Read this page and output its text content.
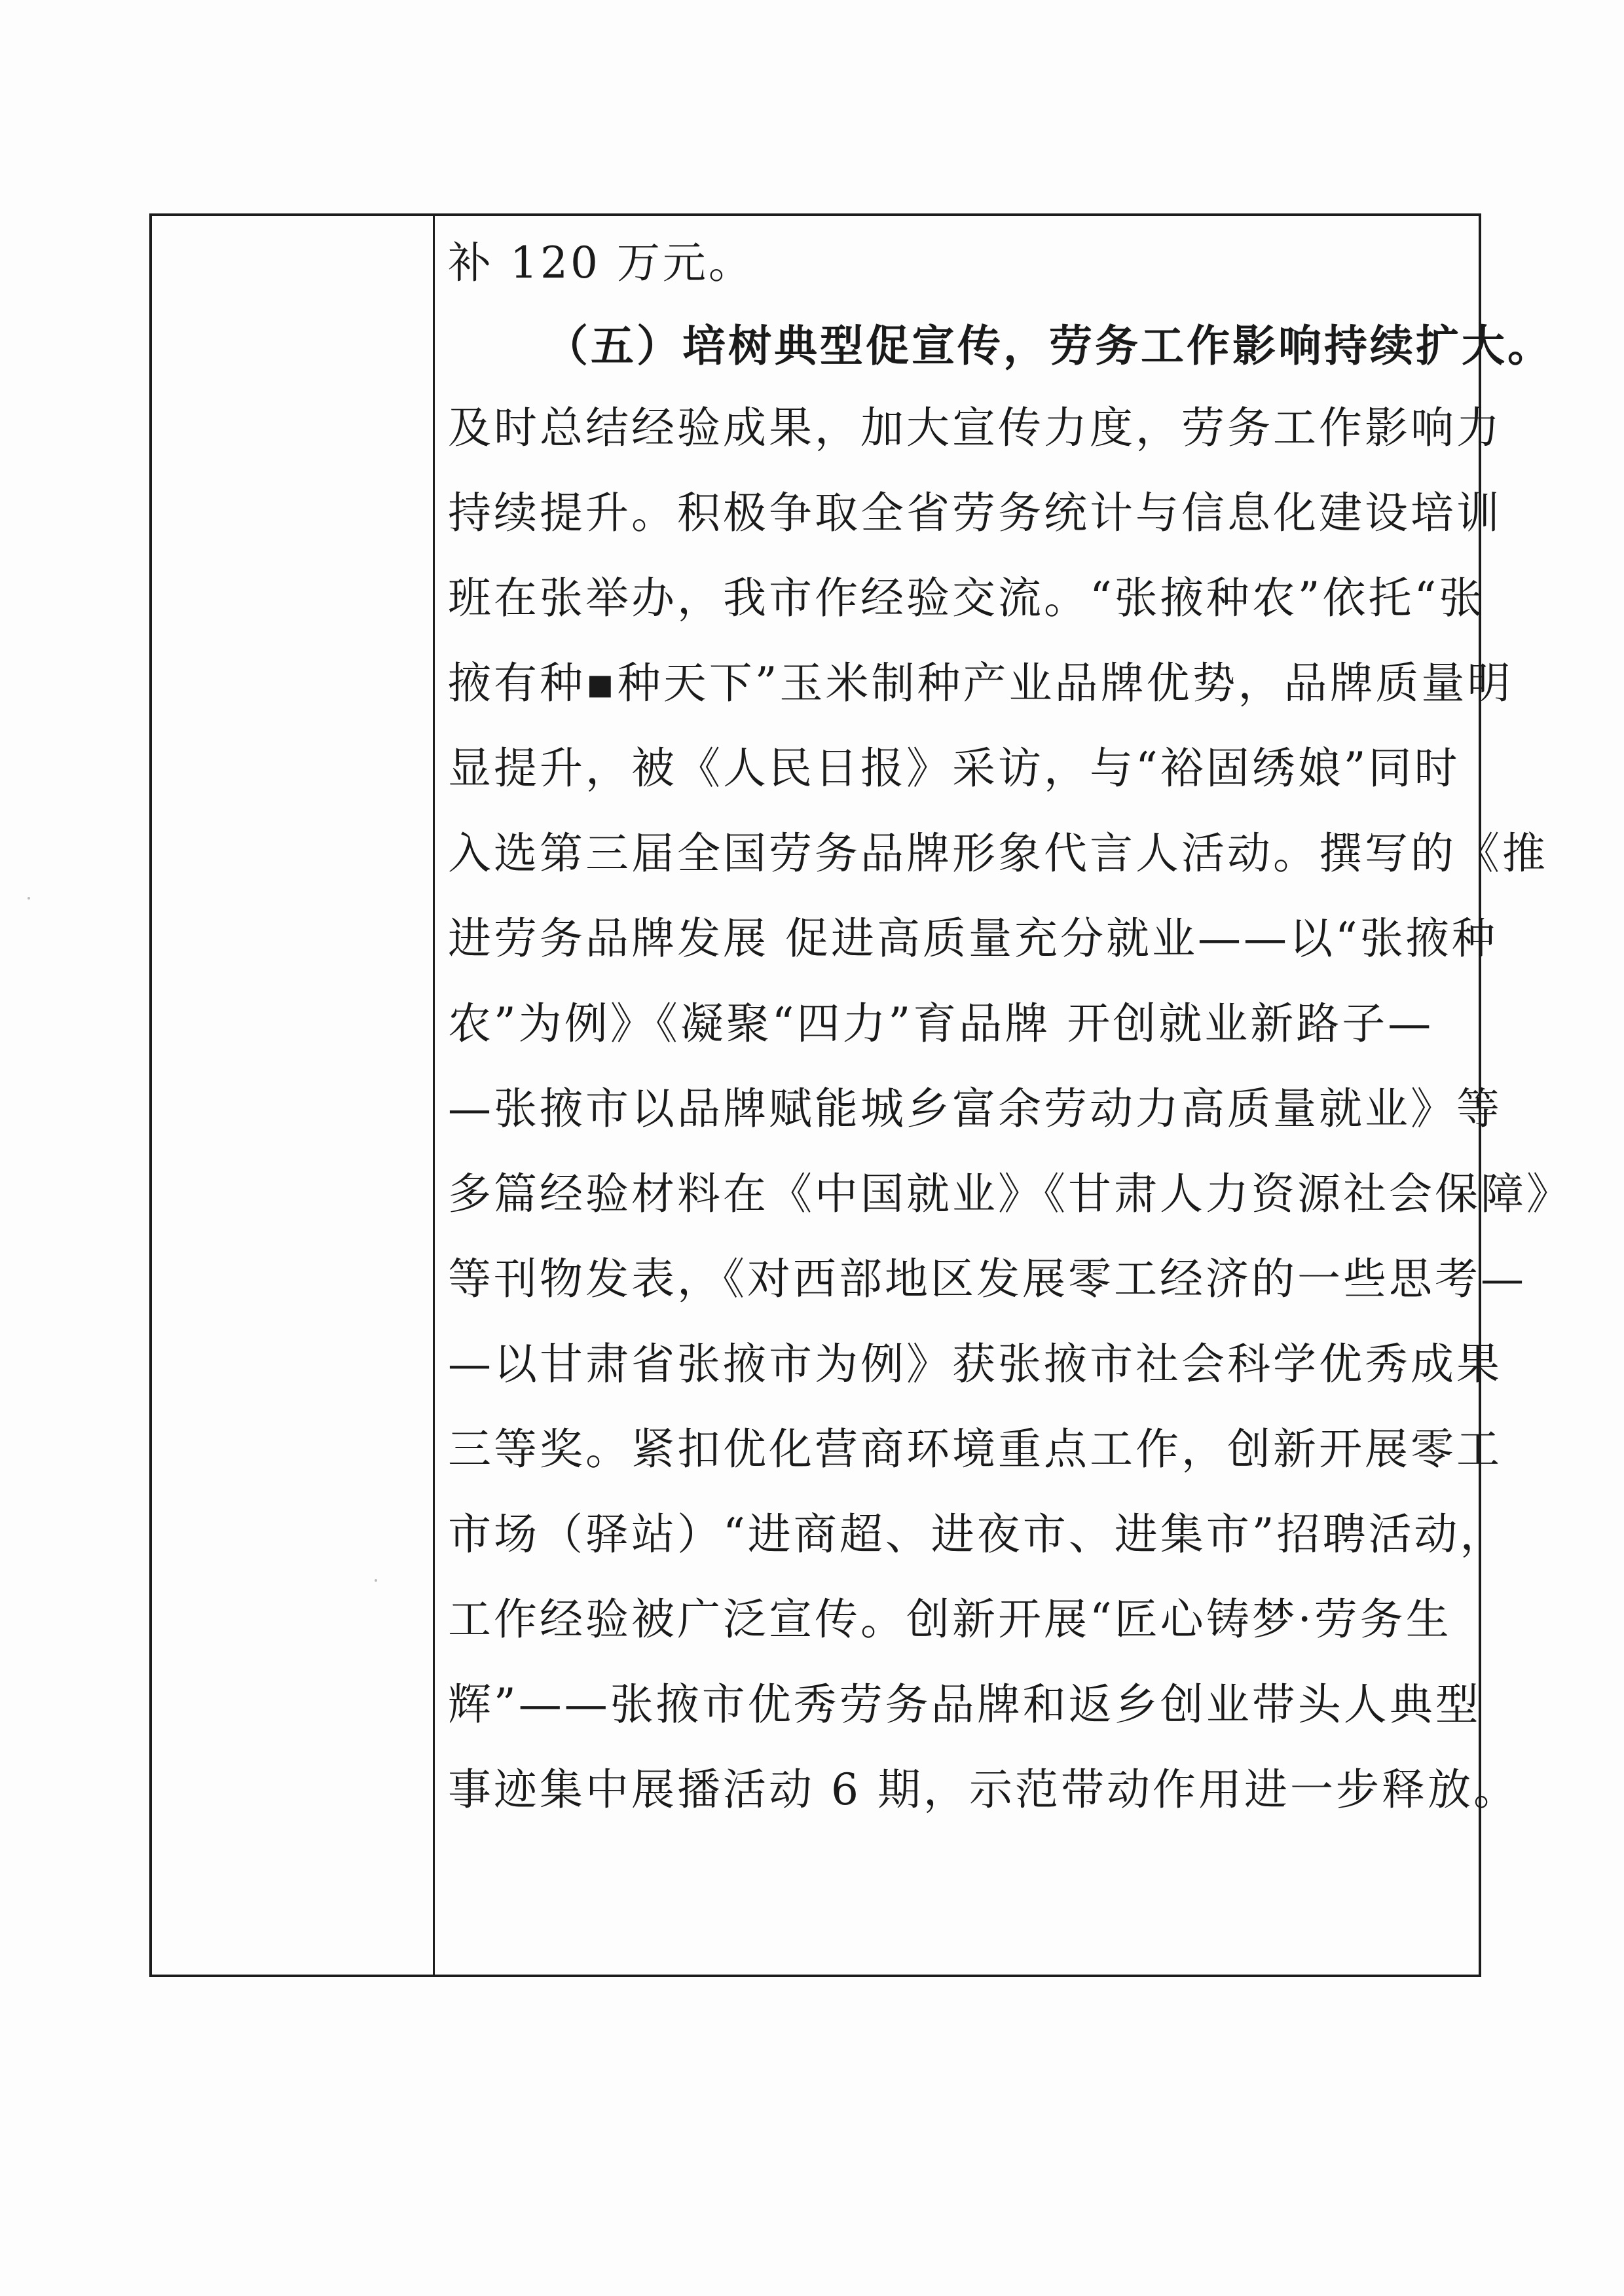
补 120 万元。
（五）培树典型促宣传，劳务工作影响持续扩大。
及时总结经验成果，加大宣传力度，劳务工作影响力
持续提升。积极争取全省劳务统计与信息化建设培训
班在张举办，我市作经验交流。“张掖种农”依托“张
掖有种▪种天下”玉米制种产业品牌优势，品牌质量明
显提升，被《人民日报》采访，与“裕固绣娘”同时
入选第三届全国劳务品牌形象代言人活动。撰写的《推
进劳务品牌发展 促进高质量充分就业——以“张掖种
农”为例》《凝聚“四力”育品牌 开创就业新路子—
—张掖市以品牌赋能城乡富余劳动力高质量就业》等
多篇经验材料在《中国就业》《甘肃人力资源社会保障》
等刊物发表，《对西部地区发展零工经济的一些思考—
—以甘肃省张掖市为例》获张掖市社会科学优秀成果
三等奖。紧扣优化营商环境重点工作，创新开展零工
市场（驿站）“进商超、进夜市、进集市”招聘活动，
工作经验被广泛宣传。创新开展“匠心铸梦·劳务生
辉”——张掖市优秀劳务品牌和返乡创业带头人典型
事迹集中展播活动 6 期，示范带动作用进一步释放。
